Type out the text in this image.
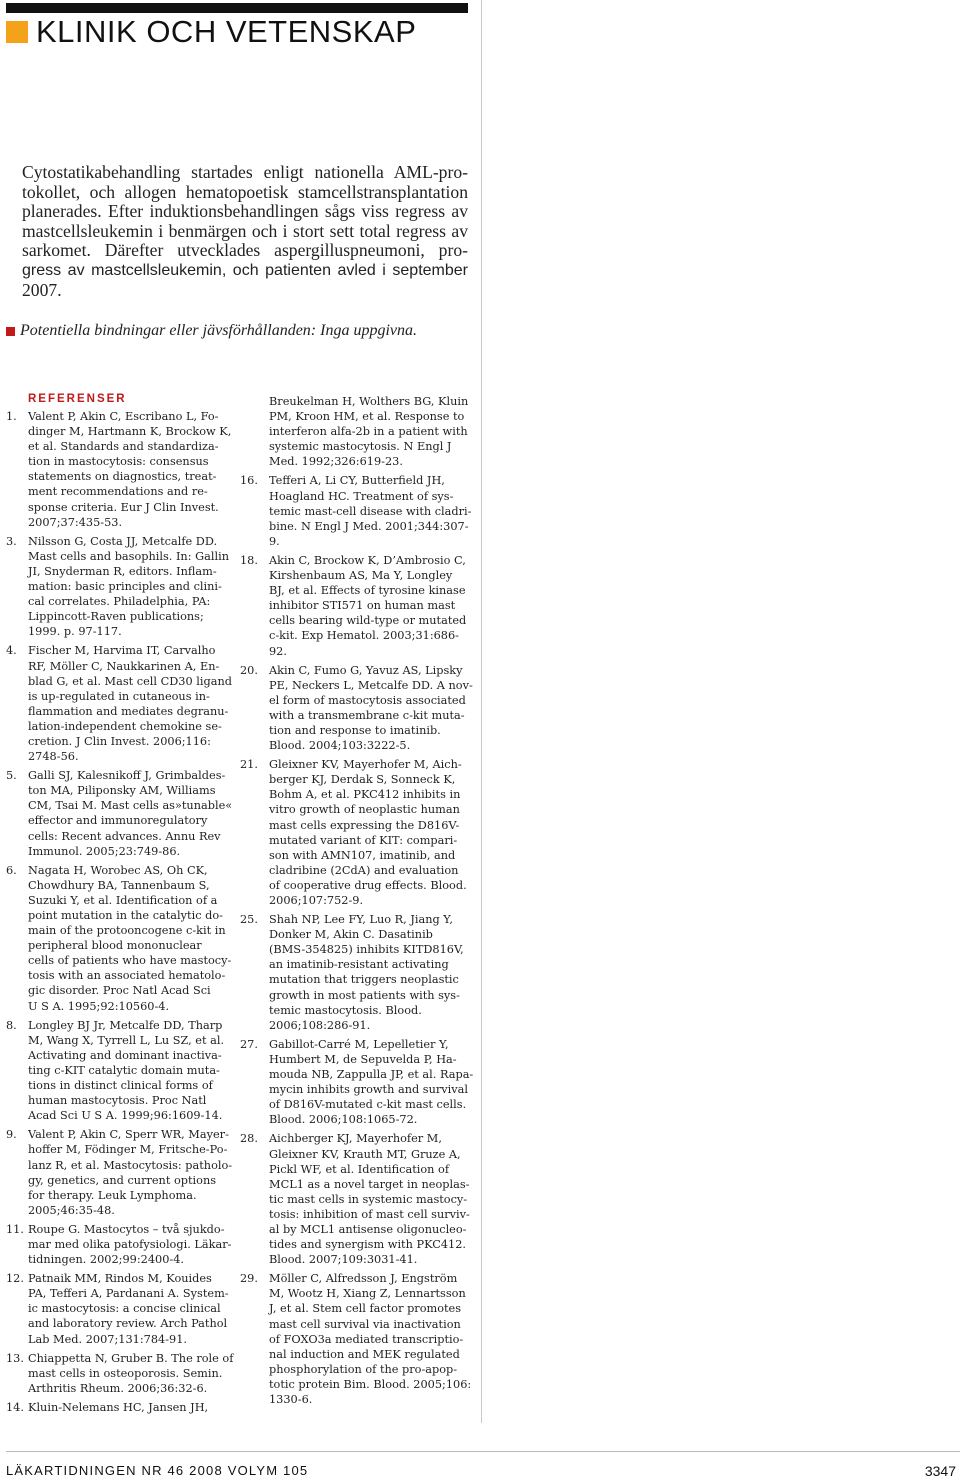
KLINIK OCH VETENSKAP
Cytostatikabehandling startades enligt nationella AML-pro-
tokollet, och allogen hematopoetisk stamcellstransplantation
planerades. Efter induktionsbehandlingen sågs viss regress av
mastcellsleukemin i benmärgen och i stort sett total regress av
sarkomet. Därefter utvecklades aspergilluspneumoni, pro-
gress av mastcellsleukemin, och patienten avled i september
2007.
Potentiella bindningar eller jävsförhållanden: Inga uppgivna.
REFERENSER
1. Valent P, Akin C, Escribano L, Fo-
dinger M, Hartmann K, Brockow K,
et al. Standards and standardiza-
tion in mastocytosis: consensus
statements on diagnostics, treat-
ment recommendations and re-
sponse criteria. Eur J Clin Invest.
2007;37:435-53.
3. Nilsson G, Costa JJ, Metcalfe DD.
Mast cells and basophils. In: Gallin
JI, Snyderman R, editors. Inflam-
mation: basic principles and clini-
cal correlates. Philadelphia, PA:
Lippincott-Raven publications;
1999. p. 97-117.
4. Fischer M, Harvima IT, Carvalho
RF, Möller C, Naukkarinen A, En-
blad G, et al. Mast cell CD30 ligand
is up-regulated in cutaneous in-
flammation and mediates degranu-
lation-independent chemokine se-
cretion. J Clin Invest. 2006;116:
2748-56.
5. Galli SJ, Kalesnikoff J, Grimbaldes-
ton MA, Piliponsky AM, Williams
CM, Tsai M. Mast cells as»tunable«
effector and immunoregulatory
cells: Recent advances. Annu Rev
Immunol. 2005;23:749-86.
6. Nagata H, Worobec AS, Oh CK,
Chowdhury BA, Tannenbaum S,
Suzuki Y, et al. Identification of a
point mutation in the catalytic do-
main of the protooncogene c-kit in
peripheral blood mononuclear
cells of patients who have mastocy-
tosis with an associated hematolo-
gic disorder. Proc Natl Acad Sci
U S A. 1995;92:10560-4.
8. Longley BJ Jr, Metcalfe DD, Tharp
M, Wang X, Tyrrell L, Lu SZ, et al.
Activating and dominant inactiva-
ting c-KIT catalytic domain muta-
tions in distinct clinical forms of
human mastocytosis. Proc Natl
Acad Sci U S A. 1999;96:1609-14.
9. Valent P, Akin C, Sperr WR, Mayer-
hoffer M, Födinger M, Fritsche-Po-
lanz R, et al. Mastocytosis: patholo-
gy, genetics, and current options
for therapy. Leuk Lymphoma.
2005;46:35-48.
11. Roupe G. Mastocytos – två sjukdo-
mar med olika patofysiologi. Läkar-
tidningen. 2002;99:2400-4.
12. Patnaik MM, Rindos M, Kouides
PA, Tefferi A, Pardanani A. System-
ic mastocytosis: a concise clinical
and laboratory review. Arch Pathol
Lab Med. 2007;131:784-91.
13. Chiappetta N, Gruber B. The role of
mast cells in osteoporosis. Semin.
Arthritis Rheum. 2006;36:32-6.
14. Kluin-Nelemans HC, Jansen JH,
Breukelman H, Wolthers BG, Kluin
PM, Kroon HM, et al. Response to
interferon alfa-2b in a patient with
systemic mastocytosis. N Engl J
Med. 1992;326:619-23.
16. Tefferi A, Li CY, Butterfield JH,
Hoagland HC. Treatment of sys-
temic mast-cell disease with cladri-
bine. N Engl J Med. 2001;344:307-
9.
18. Akin C, Brockow K, D’Ambrosio C,
Kirshenbaum AS, Ma Y, Longley
BJ, et al. Effects of tyrosine kinase
inhibitor STI571 on human mast
cells bearing wild-type or mutated
c-kit. Exp Hematol. 2003;31:686-
92.
20. Akin C, Fumo G, Yavuz AS, Lipsky
PE, Neckers L, Metcalfe DD. A nov-
el form of mastocytosis associated
with a transmembrane c-kit muta-
tion and response to imatinib.
Blood. 2004;103:3222-5.
21. Gleixner KV, Mayerhofer M, Aich-
berger KJ, Derdak S, Sonneck K,
Bohm A, et al. PKC412 inhibits in
vitro growth of neoplastic human
mast cells expressing the D816V-
mutated variant of KIT: compari-
son with AMN107, imatinib, and
cladribine (2CdA) and evaluation
of cooperative drug effects. Blood.
2006;107:752-9.
25. Shah NP, Lee FY, Luo R, Jiang Y,
Donker M, Akin C. Dasatinib
(BMS-354825) inhibits KITD816V,
an imatinib-resistant activating
mutation that triggers neoplastic
growth in most patients with sys-
temic mastocytosis. Blood.
2006;108:286-91.
27. Gabillot-Carré M, Lepelletier Y,
Humbert M, de Sepuvelda P, Ha-
mouda NB, Zappulla JP, et al. Rapa-
mycin inhibits growth and survival
of D816V-mutated c-kit mast cells.
Blood. 2006;108:1065-72.
28. Aichberger KJ, Mayerhofer M,
Gleixner KV, Krauth MT, Gruze A,
Pickl WF, et al. Identification of
MCL1 as a novel target in neoplas-
tic mast cells in systemic mastocy-
tosis: inhibition of mast cell surviv-
al by MCL1 antisense oligonucleo-
tides and synergism with PKC412.
Blood. 2007;109:3031-41.
29. Möller C, Alfredsson J, Engström
M, Wootz H, Xiang Z, Lennartsson
J, et al. Stem cell factor promotes
mast cell survival via inactivation
of FOXO3a mediated transcriptio-
nal induction and MEK regulated
phosphorylation of the pro-apop-
totic protein Bim. Blood. 2005;106:
1330-6.
LÄKARTIDNINGEN NR 46 2008 VOLYM 105	3347
